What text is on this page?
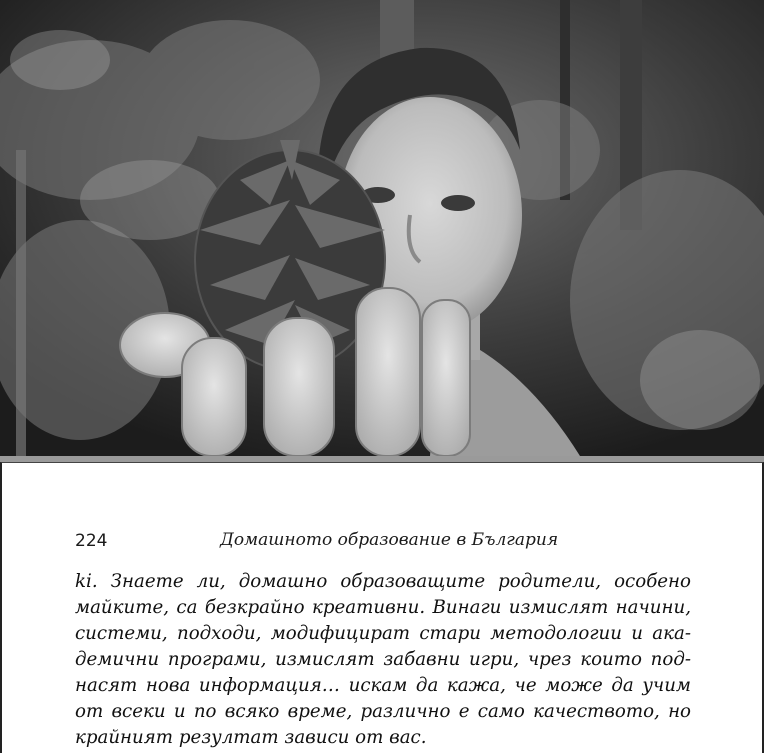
224	Домашното образование в България
ki. Знаете ли, домашно образоващите родители, особено
майките, са безкрайно креативни. Винаги измислят начини,
системи, подходи, модифицират стари методологии и ака-
демични програми, измислят забавни игри, чрез които под-
насят нова информация… искам да кажа, че може да учим
от всеки и по всяко време, различно е само качеството, но
крайният резултат зависи от вас.
